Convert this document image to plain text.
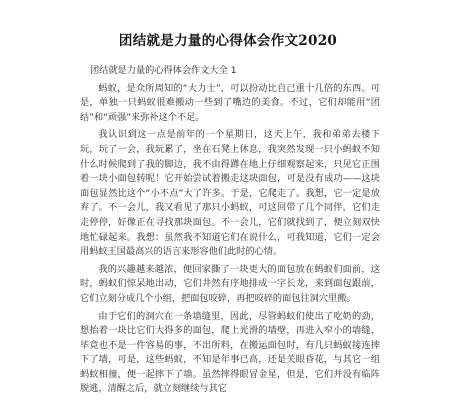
团结就是力量的心得体会作文2020

团结就是力量的心得体会作文大全 1

蚂蚁，是众所周知的“大力士”，可以扮动比自己重十几倍的东西。可是，单独一只蚂蚁很难搬动一些到了嘴边的美食。不过，它们却能用“团结”和“顽强”来弥补这个不足。

我认识到这一点是前年的一个星期日，这天上午，我和弟弟去楼下玩，玩了一会，我玩累了，坐在石凳上休息，我突然发现一只小蚂蚁不知什么时候爬到了我的脚边，我不由得蹲在地上仔细观察起来，只见它正围着一块小面包转呢！它开始尝试着搬走这块面包，可是没有成功——这块面包显然比这个“小不点”大了许多。于是，它爬走了。我想，它一定是放弃了。不一会儿，我又看见了那只小蚂蚁，可这回带了几个同伴，它们走走停停，好像正在寻找那块面包。不一会儿，它们就找到了，便立刻双快地忙碌起来。我想：虽然我不知道它们在说什么，可我知道，它们一定会用蚂蚁王国最高兴的语言来形容他们此时的心情。

我的兴趣越来越浓，便回家撕了一块更大的面包放在蚂蚁们面前，这时，蚂蚁们惊呆地出动，它们井然有序地排成一字长龙，来到面包跟前，它们立刻分成几个小组，把面包咬碎，再把咬碎的面包往洞穴里搬。

由于它们的洞穴在一条墙缝里，因此，尽管蚂蚁们使出了吃奶的劲，想抬着一块比它们大得多的面包，爬上光滑的墙壁，再进入窄小的墙缝，毕竟也不是一件容易的事，不出所料，在搬运面包时，有几只蚂蚁接连摔下了墙，可是，这些蚂蚁，不知是年事已高，还是关眼昏花，与其它一组蚂蚁相撞，便一起摔下了墙。虽然摔得眼冒金星，但是，它们并没有临阵脱逃，清醒之后，就立刻继续与其它
